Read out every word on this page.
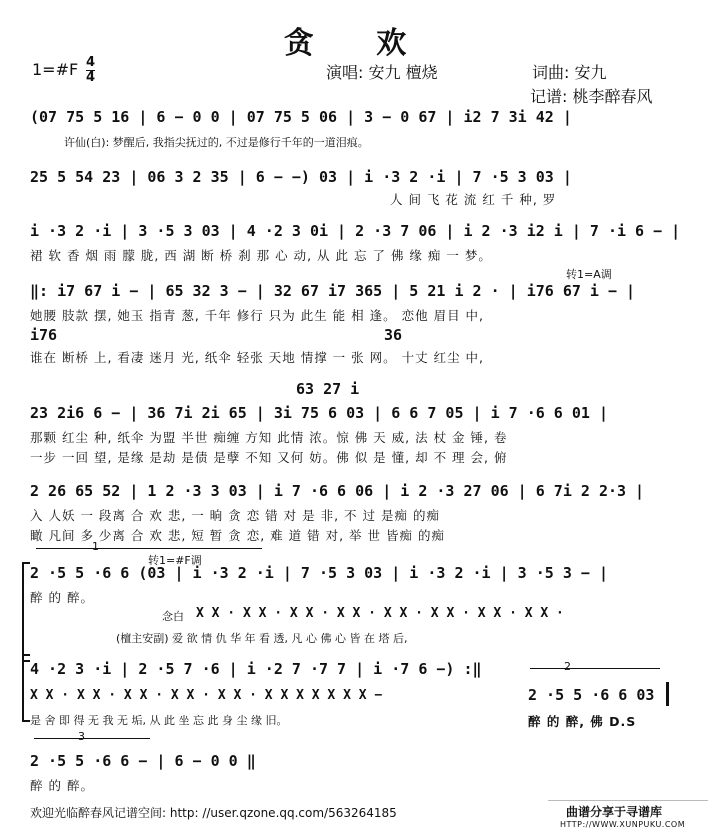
贪 欢
1=#F $\frac{4}{4}$	演唱: 安九 檀烧	词曲: 安九
记谱: 桃李醉春风
(07 75 5 16 | 6 − 0 0 | 07 75 5 06 | 3 − 0 67 | i2 7 3i 42 |
许仙(白): 梦醒后, 我指尖抚过的, 不过是修行千年的一道泪痕。
25 5 54 23 | 06 3 2 35 | 6 − −) 03 | i ·3 2 ·i | 7 ·5 3 03 |
人 间 飞 花 流 红 千 种, 罗
i ·3 2 ·i | 3 ·5 3 03 | 4 ·2 3 0i | 2 ·3 7 06 | i 2 ·3 i2 i | 7 ·i 6 − |
裙 软 香 烟 雨 朦 胧, 西 湖 断 桥 刹 那 心 动, 从 此 忘 了 佛 缘 痴 一 梦。
转1=A调
‖: i7 67 i − | 65 32 3 − | 32 67 i7 365 | 5 21 i 2 · | i76 67 i − |
她腰 肢款 摆, 她玉 指青 葱, 千年 修行 只为 此生 能 相 逢。 恋他 眉目 中,
i76	36
谁在 断桥 上, 看凄 迷月 光, 纸伞 轻张 天地 情撑 一 张 网。 十丈 红尘 中,
63 27 i
23 2i6 6 − | 36 7i 2i 65 | 3i 75 6 03 | 6 6 7 05 | i 7 ·6 6 01 |
那颗 红尘 种, 纸伞 为盟 半世 痴缠 方知 此情 浓。惊 佛 天 威, 法 杖 金 锤, 卷
一步 一回 望, 是缘 是劫 是债 是孽 不知 又何 妨。佛 似 是 懂, 却 不 理 会, 俯
2 26 65 52 | 1 2 ·3 3 03 | i 7 ·6 6 06 | i 2 ·3 27 06 | 6 7i 2 2·3 |
入 人妖 一 段离 合 欢 悲, 一 晌 贪 恋 错 对 是 非, 不 过 是痴 的痴
瞰 凡间 多 少离 合 欢 悲, 短 暂 贪 恋, 难 道 错 对, 举 世 皆痴 的痴
1
转1=#F调
2 ·5 5 ·6 6 (03 | i ·3 2 ·i | 7 ·5 3 03 | i ·3 2 ·i | 3 ·5 3 − |
醉 的 醉。
念白 X X · X X · X X · X X · X X · X X · X X · X X ·
(檀主安副) 爱 欲 情 仇 华 年 看 透, 凡 心 佛 心 皆 在 塔 后,
4 ·2 3 ·i | 2 ·5 7 ·6 | i ·2 7 ·7 7 | i ·7 6 −) :‖
X X · X X · X X · X X · X X · X X X X X X X −
是 舍 即 得 无 我 无 垢, 从 此 坐 忘 此 身 尘 缘 旧。
2
2 ·5 5 ·6 6 03
醉 的 醉, 佛 D.S
3
2 ·5 5 ·6 6 − | 6 − 0 0 ‖
醉 的 醉。
欢迎光临醉春风记谱空间: http: //user.qzone.qq.com/563264185	曲谱分享于寻谱库
HTTP://WWW.XUNPUKU.COM
